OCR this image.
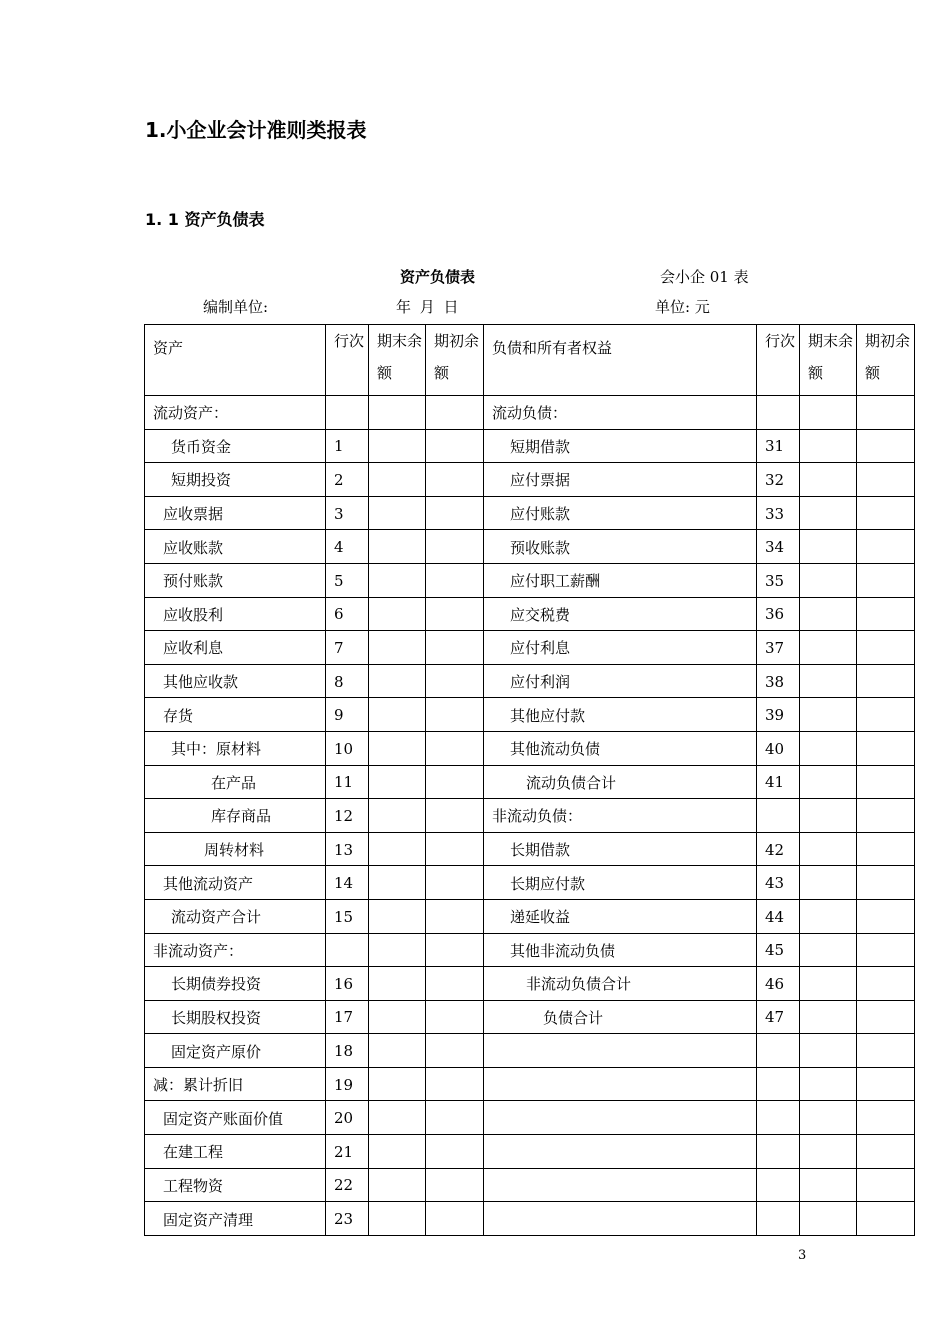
1.小企业会计准则类报表
1. 1 资产负债表
资产负债表	会小企 01 表
编制单位:	年 月 日	单位: 元
资产	行次	期末余额	期初余额	负债和所有者权益	行次	期末余额	期初余额
流动资产：				流动负债：			
货币资金	1			短期借款	31		
短期投资	2			应付票据	32		
应收票据	3			应付账款	33		
应收账款	4			预收账款	34		
预付账款	5			应付职工薪酬	35		
应收股利	6			应交税费	36		
应收利息	7			应付利息	37		
其他应收款	8			应付利润	38		
存货	9			其他应付款	39		
其中：原材料	10			其他流动负债	40		
在产品	11			流动负债合计	41		
库存商品	12			非流动负债：			
周转材料	13			长期借款	42		
其他流动资产	14			长期应付款	43		
流动资产合计	15			递延收益	44		
非流动资产：				其他非流动负债	45		
长期债券投资	16			非流动负债合计	46		
长期股权投资	17			负债合计	47		
固定资产原价	18						
减：累计折旧	19						
固定资产账面价值	20						
在建工程	21						
工程物资	22						
固定资产清理	23						
3
